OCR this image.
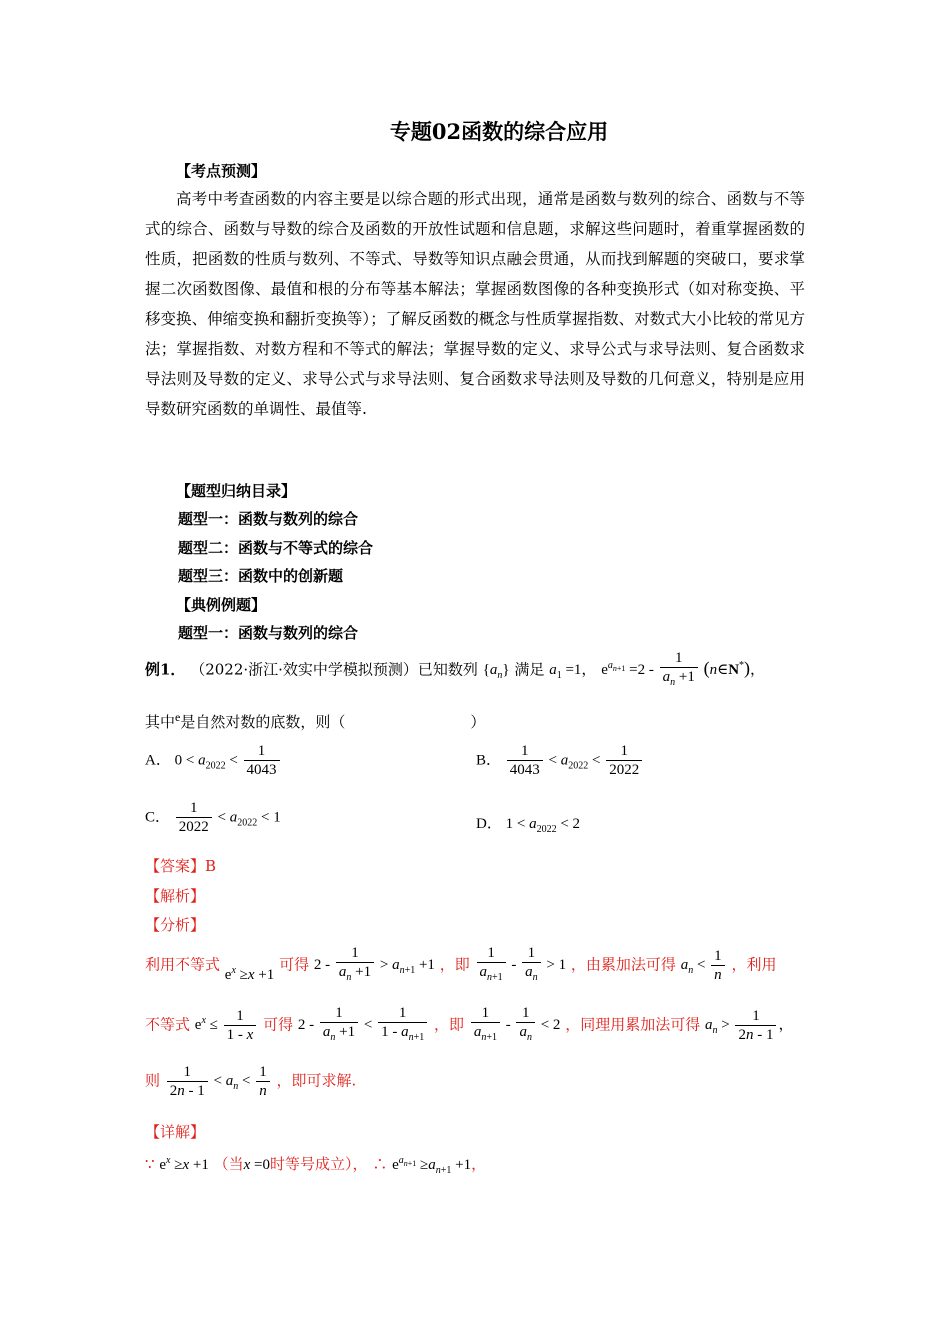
专题02函数的综合应用
【考点预测】

高考中考查函数的内容主要是以综合题的形式出现，通常是函数与数列的综合、函数与不等式的综合、函数与导数的综合及函数的开放性试题和信息题，求解这些问题时，着重掌握函数的性质，把函数的性质与数列、不等式、导数等知识点融会贯通，从而找到解题的突破口，要求掌握二次函数图像、最值和根的分布等基本解法；掌握函数图像的各种变换形式（如对称变换、平移变换、伸缩变换和翻折变换等）；了解反函数的概念与性质掌握指数、对数式大小比较的常见方法；掌握指数、对数方程和不等式的解法；掌握导数的定义、求导公式与求导法则、复合函数求导法则及导数的定义、求导公式与求导法则、复合函数求导法则及导数的几何意义，特别是应用导数研究函数的单调性、最值等.

【题型归纳目录】
题型一：函数与数列的综合
题型二：函数与不等式的综合
题型三：函数中的创新题
【典例例题】
题型一：函数与数列的综合
例1． （2022·浙江·效实中学模拟预测）已知数列 $\{a_n\}$ 满足 $a_1 =1$， $e^{a_{n+1}} =2 - \frac{1}{a_n +1}$ (n∈N*)，
其中$^e$是自然对数的底数，则（	）
A． $0 < a_{2022} < \frac{1}{4043}$	B． $\frac{1}{4043} < a_{2022} < \frac{1}{2022}$
C． $\frac{1}{2022} < a_{2022} < 1$	D． $1 < a_{2022} < 2$
【答案】B
【解析】
【分析】
利用不等式 $e^x \ge x +1$ 可得 $2 - \frac{1}{a_n +1} > a_{n+1} +1$ ，即 $\frac{1}{a_{n+1}} - \frac{1}{a_n} > 1$ ，由累加法可得 $a_n < \frac{1}{n}$ ，利用
不等式 $e^x \le \frac{1}{1 - x}$ 可得 $2 - \frac{1}{a_n +1} < \frac{1}{1 - a_{n+1}}$ ，即 $\frac{1}{a_{n+1}} - \frac{1}{a_n} < 2$ ，同理用累加法可得 $a_n > \frac{1}{2n - 1}$ ，
则 $\frac{1}{2n - 1} < a_n < \frac{1}{n}$ ，即可求解.
【详解】
∵ $e^x \ge x +1$ （当x =0时等号成立）， ∴ $e^{a_{n+1}} \ge a_{n+1} +1$，
